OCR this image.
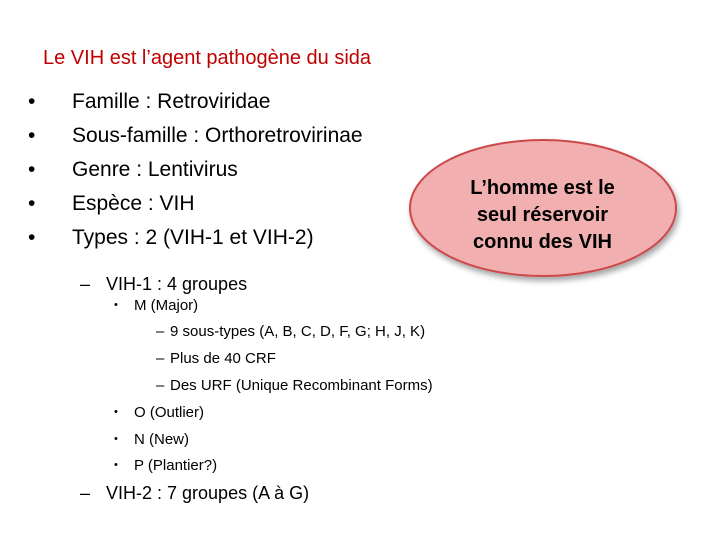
Le VIH est l’agent pathogène du sida
• Famille : Retroviridae
• Sous-famille : Orthoretrovirinae
• Genre : Lentivirus
• Espèce : VIH
• Types : 2 (VIH-1 et VIH-2)
– VIH-1 : 4 groupes
• M (Major)
– 9 sous-types (A, B, C, D, F, G; H, J, K)
– Plus de 40 CRF
– Des URF (Unique Recombinant Forms)
• O (Outlier)
• N (New)
• P (Plantier?)
– VIH-2 : 7 groupes (A à G)
L’homme est le
seul réservoir
connu des VIH
